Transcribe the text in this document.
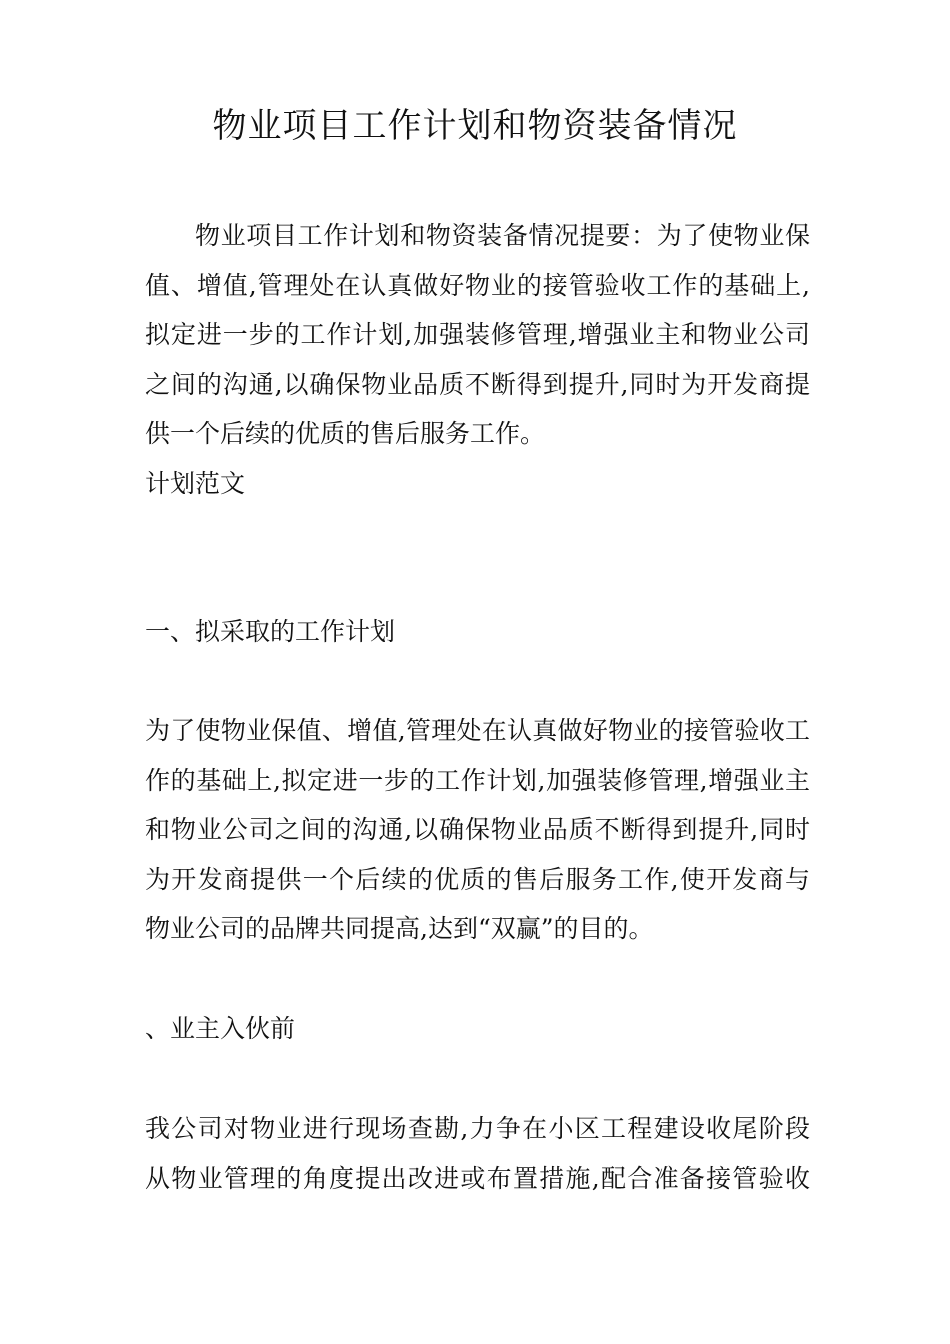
物业项目工作计划和物资装备情况
物业项目工作计划和物资装备情况提要：为了使物业保
值、增值,管理处在认真做好物业的接管验收工作的基础上,
拟定进一步的工作计划,加强装修管理,增强业主和物业公司
之间的沟通,以确保物业品质不断得到提升,同时为开发商提
供一个后续的优质的售后服务工作。

计划范文

一、拟采取的工作计划

为了使物业保值、增值,管理处在认真做好物业的接管验收工
作的基础上,拟定进一步的工作计划,加强装修管理,增强业主
和物业公司之间的沟通,以确保物业品质不断得到提升,同时
为开发商提供一个后续的优质的售后服务工作,使开发商与
物业公司的品牌共同提高,达到“双赢”的目的。

、业主入伙前

我公司对物业进行现场查勘,力争在小区工程建设收尾阶段
从物业管理的角度提出改进或布置措施,配合准备接管验收
